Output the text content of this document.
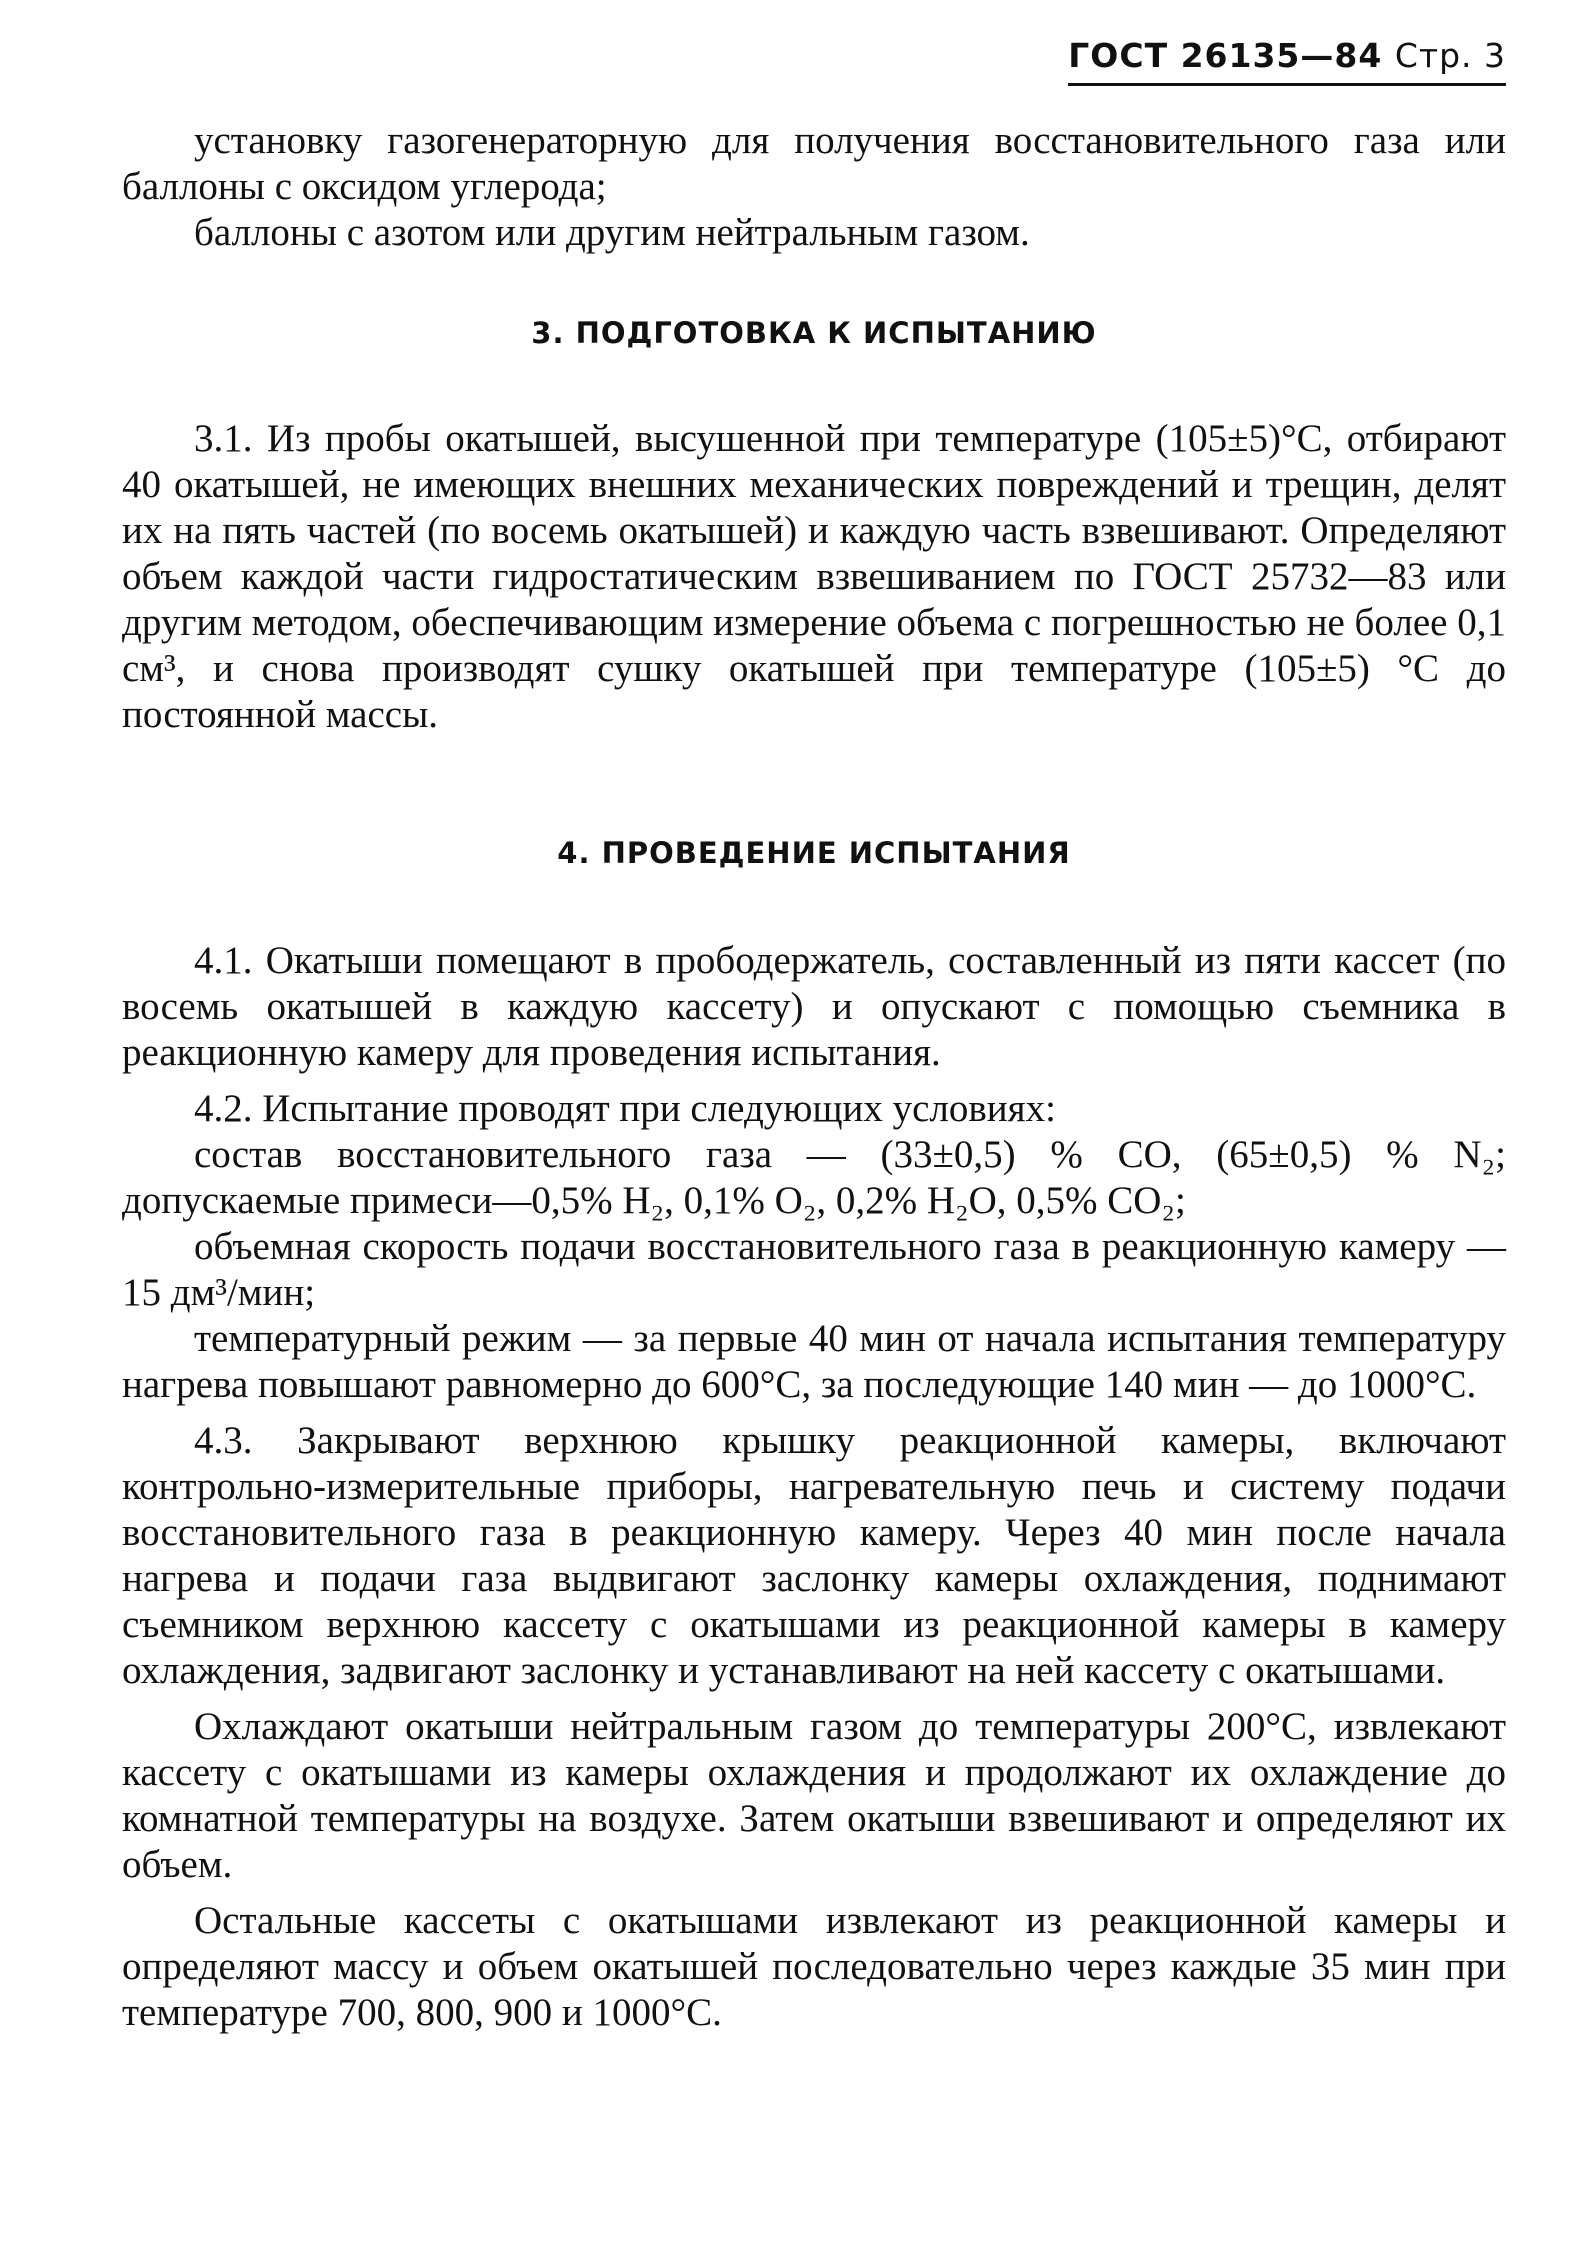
ГОСТ 26135—84 Стр. 3

установку газогенераторную для получения восстановительного газа или баллоны с оксидом углерода;

баллоны с азотом или другим нейтральным газом.

3. ПОДГОТОВКА К ИСПЫТАНИЮ

3.1. Из пробы окатышей, высушенной при температуре (105±5)°С, отбирают 40 окатышей, не имеющих внешних механических повреждений и трещин, делят их на пять частей (по восемь окатышей) и каждую часть взвешивают. Определяют объем каждой части гидростатическим взвешиванием по ГОСТ 25732—83 или другим методом, обеспечивающим измерение объема с погрешностью не более 0,1 см³, и снова производят сушку окатышей при температуре (105±5) °С до постоянной массы.

4. ПРОВЕДЕНИЕ ИСПЫТАНИЯ

4.1. Окатыши помещают в прободержатель, составленный из пяти кассет (по восемь окатышей в каждую кассету) и опускают с помощью съемника в реакционную камеру для проведения испытания.

4.2. Испытание проводят при следующих условиях:

состав восстановительного газа — (33±0,5) % СО, (65±0,5) % N₂; допускаемые примеси—0,5% Н₂, 0,1% О₂, 0,2% Н₂О, 0,5% СО₂;

объемная скорость подачи восстановительного газа в реакционную камеру — 15 дм³/мин;

температурный режим — за первые 40 мин от начала испытания температуру нагрева повышают равномерно до 600°С, за последующие 140 мин — до 1000°С.

4.3. Закрывают верхнюю крышку реакционной камеры, включают контрольно-измерительные приборы, нагревательную печь и систему подачи восстановительного газа в реакционную камеру. Через 40 мин после начала нагрева и подачи газа выдвигают заслонку камеры охлаждения, поднимают съемником верхнюю кассету с окатышами из реакционной камеры в камеру охлаждения, задвигают заслонку и устанавливают на ней кассету с окатышами.

Охлаждают окатыши нейтральным газом до температуры 200°С, извлекают кассету с окатышами из камеры охлаждения и продолжают их охлаждение до комнатной температуры на воздухе. Затем окатыши взвешивают и определяют их объем.

Остальные кассеты с окатышами извлекают из реакционной камеры и определяют массу и объем окатышей последовательно через каждые 35 мин при температуре 700, 800, 900 и 1000°С.
